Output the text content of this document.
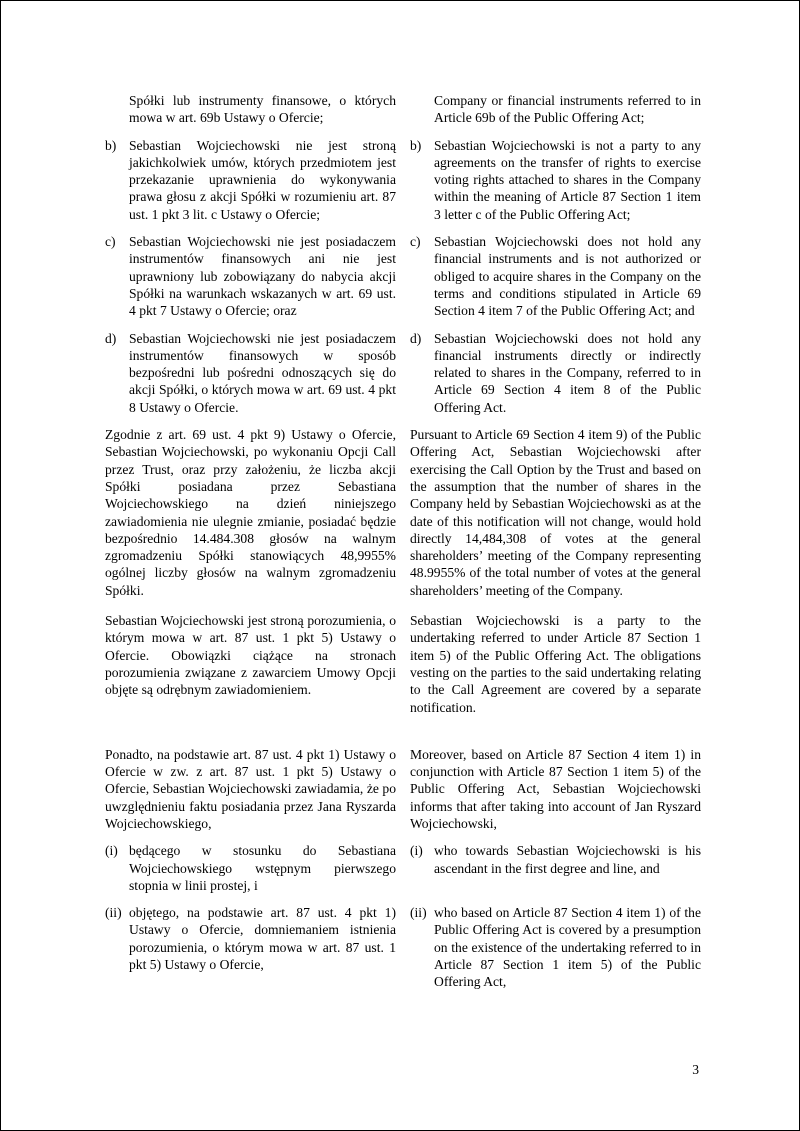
Spółki lub instrumenty finansowe, o których mowa w art. 69b Ustawy o Ofercie;
Company or financial instruments referred to in Article 69b of the Public Offering Act;
b) Sebastian Wojciechowski nie jest stroną jakichkolwiek umów, których przedmiotem jest przekazanie uprawnienia do wykonywania prawa głosu z akcji Spółki w rozumieniu art. 87 ust. 1 pkt 3 lit. c Ustawy o Ofercie;
b) Sebastian Wojciechowski is not a party to any agreements on the transfer of rights to exercise voting rights attached to shares in the Company within the meaning of Article 87 Section 1 item 3 letter c of the Public Offering Act;
c) Sebastian Wojciechowski nie jest posiadaczem instrumentów finansowych ani nie jest uprawniony lub zobowiązany do nabycia akcji Spółki na warunkach wskazanych w art. 69 ust. 4 pkt 7 Ustawy o Ofercie; oraz
c) Sebastian Wojciechowski does not hold any financial instruments and is not authorized or obliged to acquire shares in the Company on the terms and conditions stipulated in Article 69 Section 4 item 7 of the Public Offering Act; and
d) Sebastian Wojciechowski nie jest posiadaczem instrumentów finansowych w sposób bezpośredni lub pośredni odnoszących się do akcji Spółki, o których mowa w art. 69 ust. 4 pkt 8 Ustawy o Ofercie.
d) Sebastian Wojciechowski does not hold any financial instruments directly or indirectly related to shares in the Company, referred to in Article 69 Section 4 item 8 of the Public Offering Act.
Zgodnie z art. 69 ust. 4 pkt 9) Ustawy o Ofercie, Sebastian Wojciechowski, po wykonaniu Opcji Call przez Trust, oraz przy założeniu, że liczba akcji Spółki posiadana przez Sebastiana Wojciechowskiego na dzień niniejszego zawiadomienia nie ulegnie zmianie, posiadać będzie bezpośrednio 14.484.308 głosów na walnym zgromadzeniu Spółki stanowiących 48,9955% ogólnej liczby głosów na walnym zgromadzeniu Spółki.
Pursuant to Article 69 Section 4 item 9) of the Public Offering Act, Sebastian Wojciechowski after exercising the Call Option by the Trust and based on the assumption that the number of shares in the Company held by Sebastian Wojciechowski as at the date of this notification will not change, would hold directly 14,484,308 of votes at the general shareholders’ meeting of the Company representing 48.9955% of the total number of votes at the general shareholders’ meeting of the Company.
Sebastian Wojciechowski jest stroną porozumienia, o którym mowa w art. 87 ust. 1 pkt 5) Ustawy o Ofercie. Obowiązki ciążące na stronach porozumienia związane z zawarciem Umowy Opcji objęte są odrębnym zawiadomieniem.
Sebastian Wojciechowski is a party to the undertaking referred to under Article 87 Section 1 item 5) of the Public Offering Act. The obligations vesting on the parties to the said undertaking relating to the Call Agreement are covered by a separate notification.
Ponadto, na podstawie art. 87 ust. 4 pkt 1) Ustawy o Ofercie w zw. z art. 87 ust. 1 pkt 5) Ustawy o Ofercie, Sebastian Wojciechowski zawiadamia, że po uwzględnieniu faktu posiadania przez Jana Ryszarda Wojciechowskiego,
Moreover, based on Article 87 Section 4 item 1) in conjunction with Article 87 Section 1 item 5) of the Public Offering Act, Sebastian Wojciechowski informs that after taking into account of Jan Ryszard Wojciechowski,
(i) będącego w stosunku do Sebastiana Wojciechowskiego wstępnym pierwszego stopnia w linii prostej, i
(i) who towards Sebastian Wojciechowski is his ascendant in the first degree and line, and
(ii) objętego, na podstawie art. 87 ust. 4 pkt 1) Ustawy o Ofercie, domniemaniem istnienia porozumienia, o którym mowa w art. 87 ust. 1 pkt 5) Ustawy o Ofercie,
(ii) who based on Article 87 Section 4 item 1) of the Public Offering Act is covered by a presumption on the existence of the undertaking referred to in Article 87 Section 1 item 5) of the Public Offering Act,
3
